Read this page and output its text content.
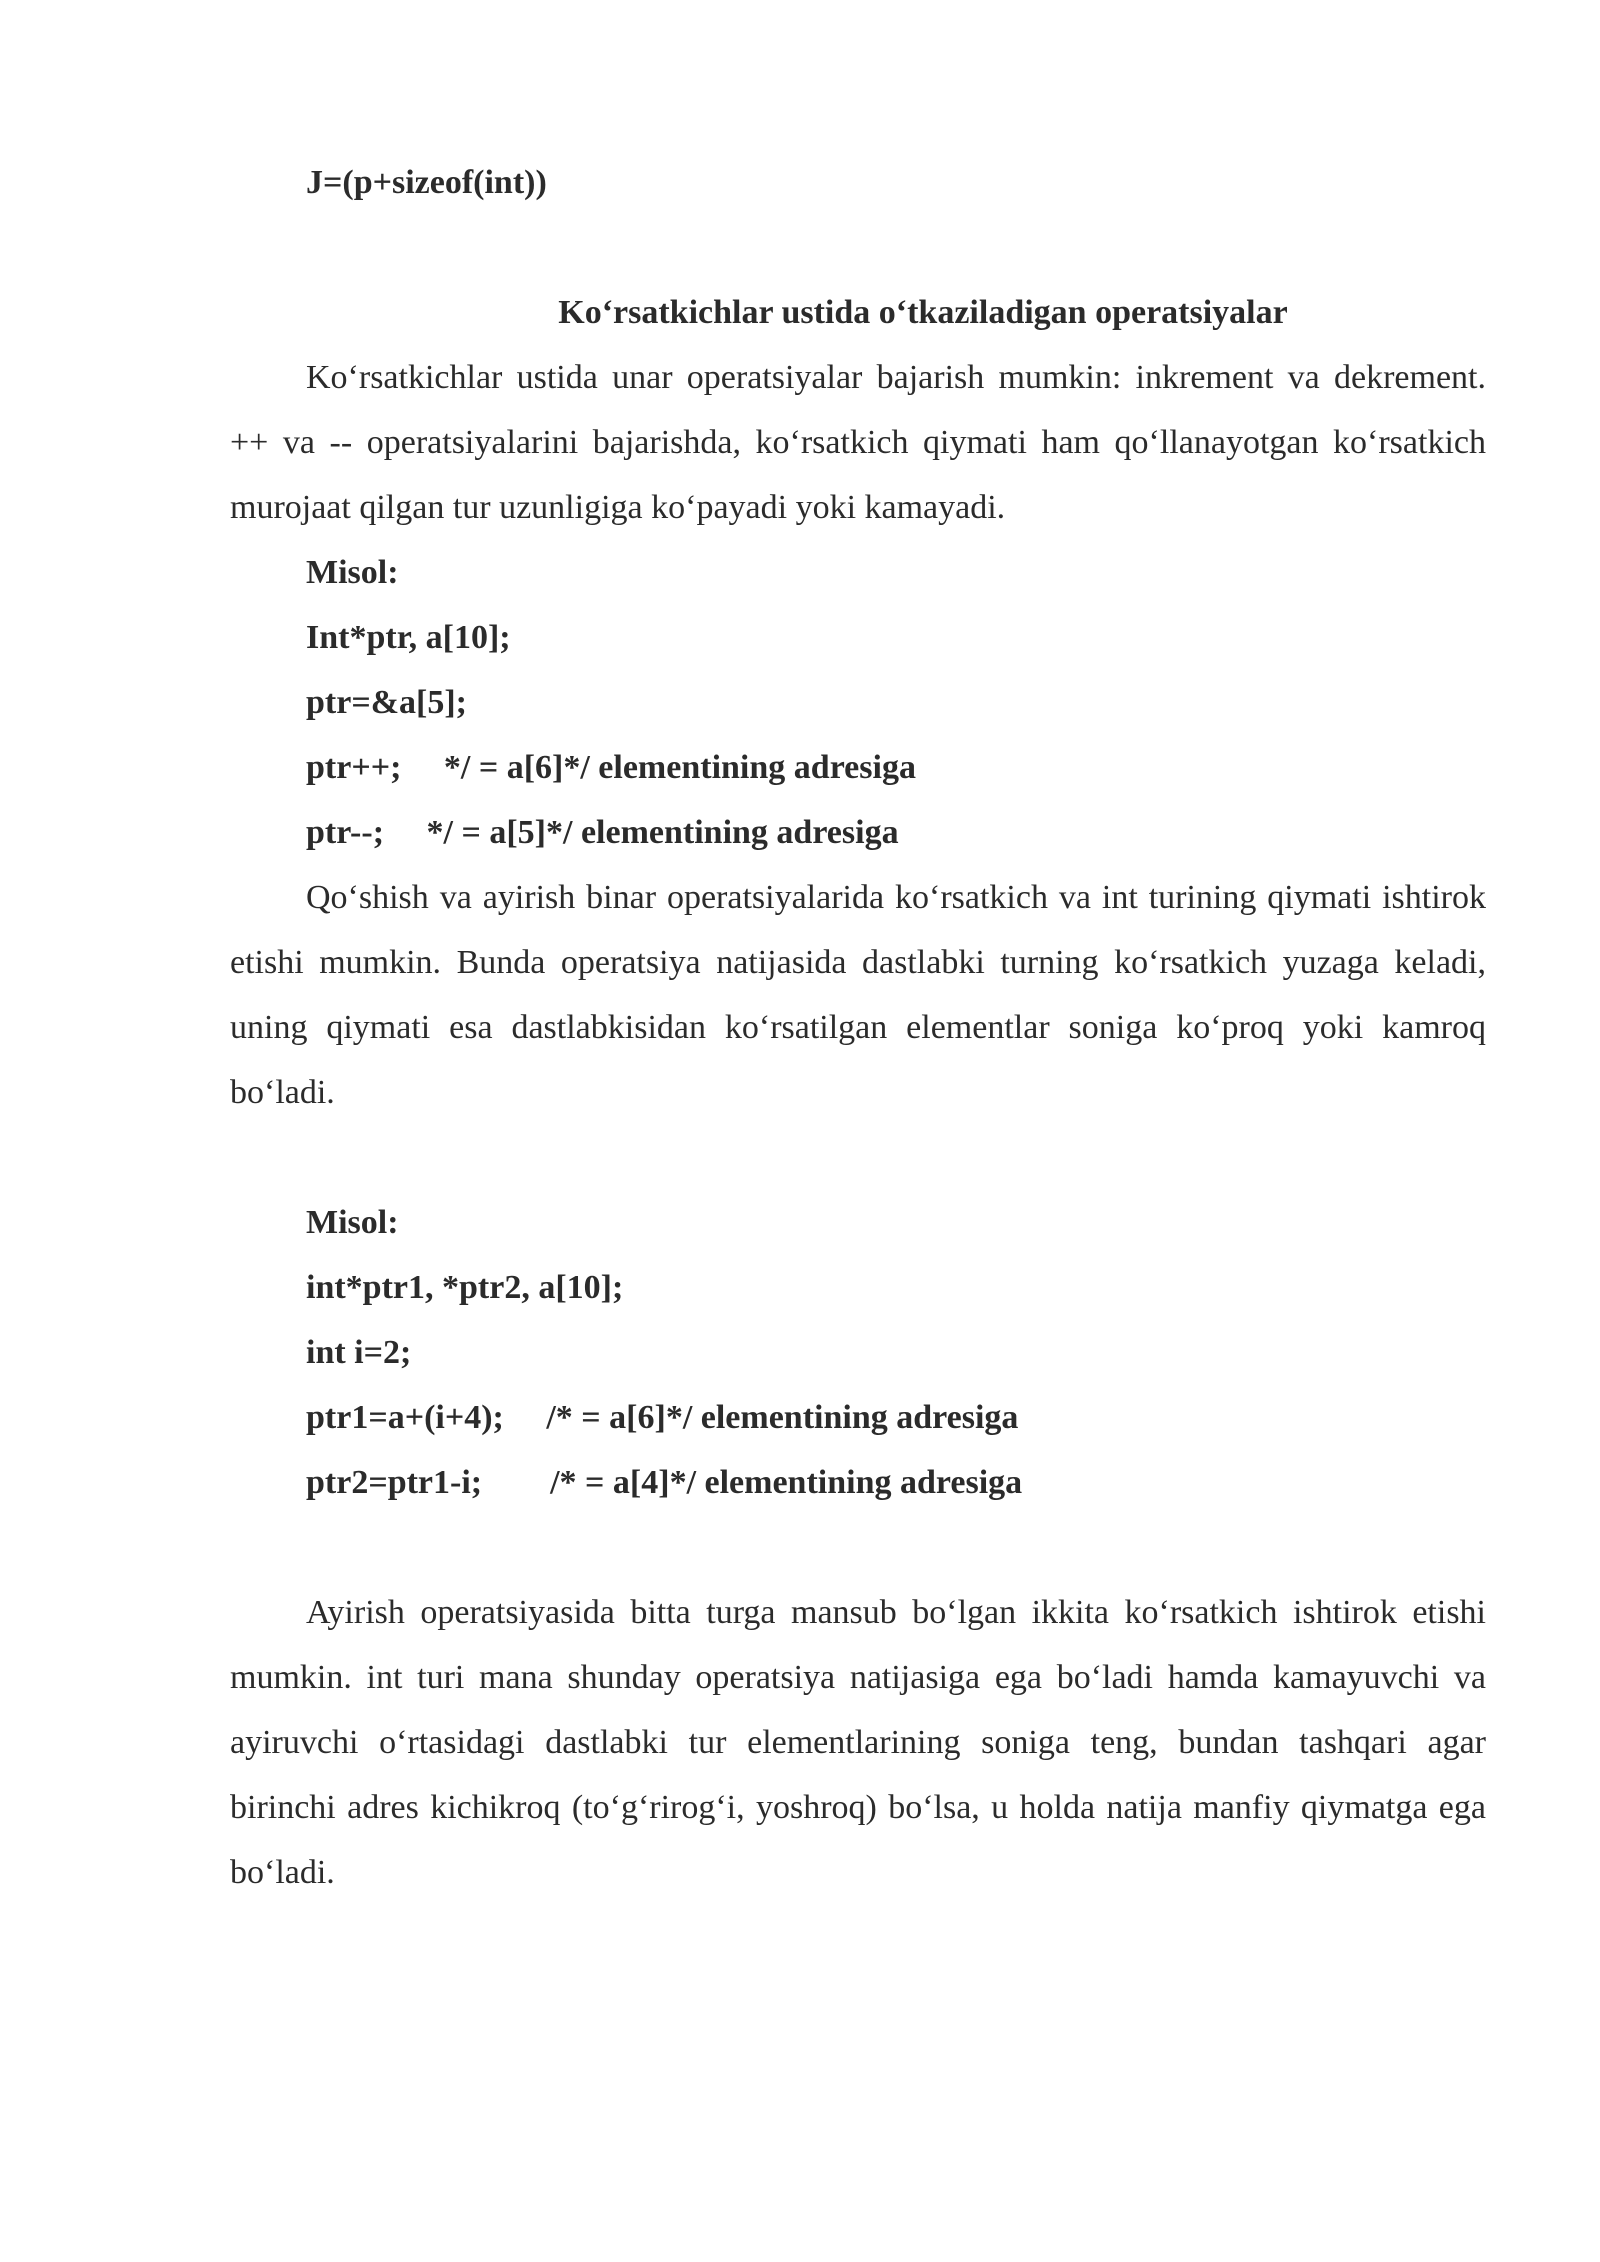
J=(p+sizeof(int))
Ko‘rsatkichlar ustida o‘tkaziladigan operatsiyalar
Ko‘rsatkichlar ustida unar operatsiyalar bajarish mumkin: inkrement va dekrement. ++ va -- operatsiyalarini bajarishda, ko‘rsatkich qiymati ham qo‘llanayotgan ko‘rsatkich murojaat qilgan tur uzunligiga ko‘payadi yoki kamayadi.
Misol:
Int*ptr, a[10];
ptr=&a[5];
ptr++;     */ = a[6]*/ elementining adresiga
ptr--;     */ = a[5]*/ elementining adresiga
Qo‘shish va ayirish binar operatsiyalarida ko‘rsatkich va int turining qiymati ishtirok etishi mumkin. Bunda operatsiya natijasida dastlabki turning ko‘rsatkich yuzaga keladi, uning qiymati esa dastlabkisidan ko‘rsatilgan elementlar soniga ko‘proq yoki kamroq bo‘ladi.
Misol:
int*ptr1, *ptr2, a[10];
int i=2;
ptr1=a+(i+4);     /* = a[6]*/ elementining adresiga
ptr2=ptr1-i;        /* = a[4]*/ elementining adresiga
Ayirish operatsiyasida bitta turga mansub bo‘lgan ikkita ko‘rsatkich ishtirok etishi mumkin. int turi mana shunday operatsiya natijasiga ega bo‘ladi hamda kamayuvchi va ayiruvchi o‘rtasidagi dastlabki tur elementlarining soniga teng, bundan tashqari agar birinchi adres kichikroq (to‘g‘rirog‘i, yoshroq) bo‘lsa, u holda natija manfiy qiymatga ega bo‘ladi.
